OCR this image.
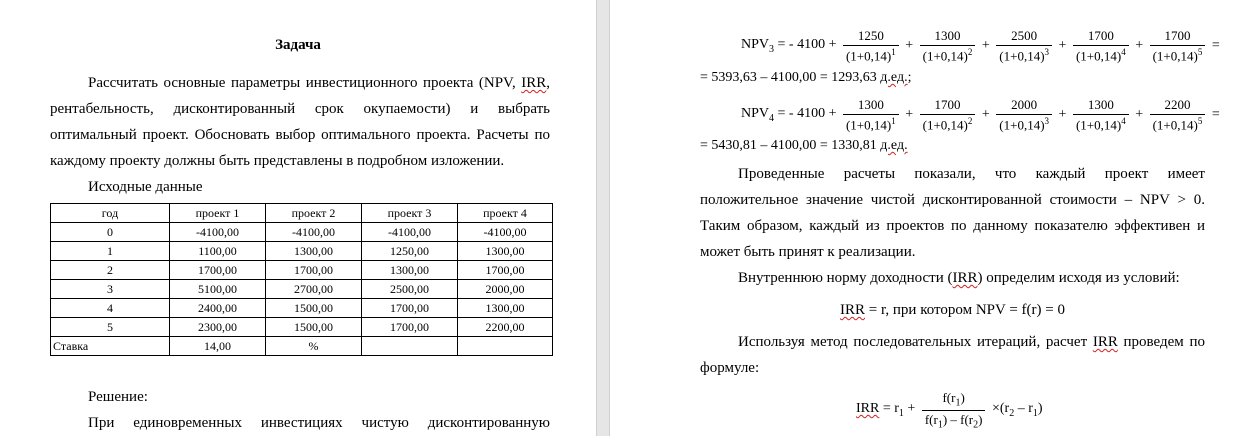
Задача
Рассчитать основные параметры инвестиционного проекта (NPV, IRR,
рентабельность, дисконтированный срок окупаемости) и выбрать
оптимальный проект. Обосновать выбор оптимального проекта. Расчеты по
каждому проекту должны быть представлены в подробном изложении.
Исходные данные
год	проект 1	проект 2	проект 3	проект 4
0	-4100,00	-4100,00	-4100,00	-4100,00
1	1100,00	1300,00	1250,00	1300,00
2	1700,00	1700,00	1300,00	1700,00
3	5100,00	2700,00	2500,00	2000,00
4	2400,00	1500,00	1700,00	1300,00
5	2300,00	1500,00	1700,00	2200,00
Ставка	14,00	%		
Решение:
При единовременных инвестициях чистую дисконтированную
$NPV_3$ = - $4100 + \frac{1250}{(1+0,14)^1} + \frac{1300}{(1+0,14)^2} + \frac{2500}{(1+0,14)^3} + \frac{1700}{(1+0,14)^4} + \frac{1700}{(1+0,14)^5}$ =
= 5393,63 – 4100,00 = 1293,63 д.ед.;
$NPV_4$ = - $4100 + \frac{1300}{(1+0,14)^1} + \frac{1700}{(1+0,14)^2} + \frac{2000}{(1+0,14)^3} + \frac{1300}{(1+0,14)^4} + \frac{2200}{(1+0,14)^5}$ =
= 5430,81 – 4100,00 = 1330,81 д.ед.
Проведенные расчеты показали, что каждый проект имеет
положительное значение чистой дисконтированной стоимости – NPV > 0.
Таким образом, каждый из проектов по данному показателю эффективен и
может быть принят к реализации.
Внутреннюю норму доходности (IRR) определим исходя из условий:
IRR = r, при котором NPV = f(r) = 0
Используя метод последовательных итераций, расчет IRR проведем по
формуле:
IRR = $r_1 + \frac{f(r_1)}{f(r_1) - f(r_2)} \times(r_2 - r_1)$
